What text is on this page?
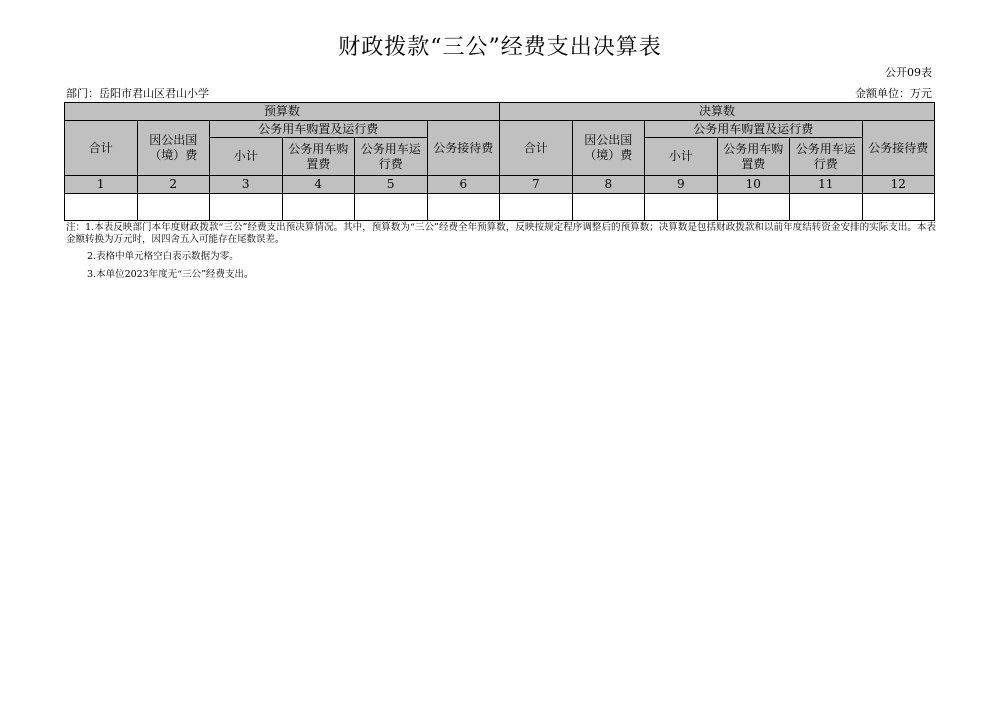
财政拨款“三公”经费支出决算表
公开09表
部门：岳阳市君山区君山小学	金额单位：万元
预算数						决算数					
合计	因公出国（境）费	公务用车购置及运行费			公务接待费	合计	因公出国（境）费	公务用车购置及运行费			公务接待费
		小计	公务用车购置费	公务用车运行费				小计	公务用车购置费	公务用车运行费	
1	2	3	4	5	6	7	8	9	10	11	12

注：1.本表反映部门本年度财政拨款“三公”经费支出预决算情况。其中，预算数为“三公”经费全年预算数，反映按规定程序调整后的预算数；决算数是包括财政拨款和以前年度结转资金安排的实际支出。本表金额转换为万元时，因四舍五入可能存在尾数误差。

2.表格中单元格空白表示数据为零。

3.本单位2023年度无“三公”经费支出。
